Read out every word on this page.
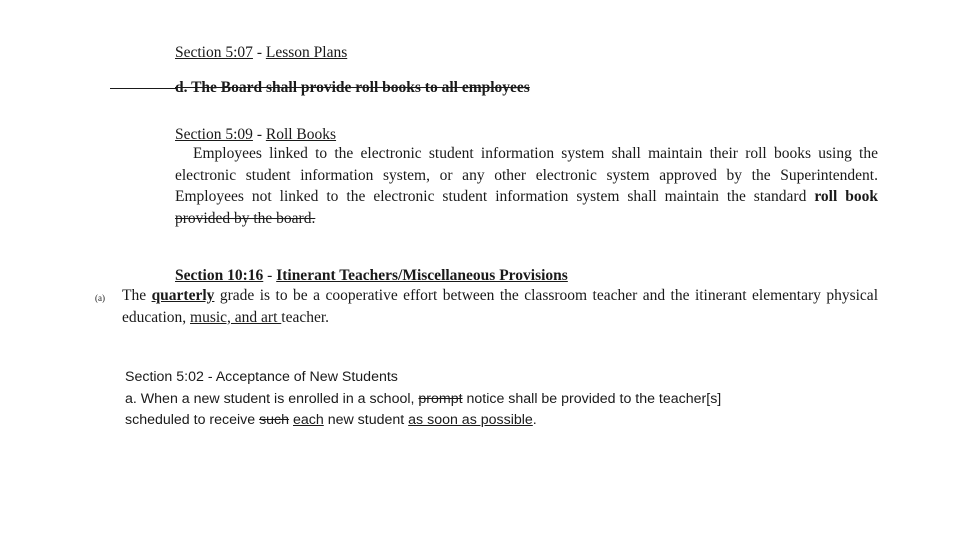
Section 5:07 - Lesson Plans
d. The Board shall provide roll books to all employees
Section 5:09 - Roll Books
Employees linked to the electronic student information system shall maintain their roll books using the electronic student information system, or any other electronic system approved by the Superintendent. Employees not linked to the electronic student information system shall maintain the standard roll book provided by the board.
Section 10:16 - Itinerant Teachers/Miscellaneous Provisions
(a) The quarterly grade is to be a cooperative effort between the classroom teacher and the itinerant elementary physical education, music, and art teacher.
Section 5:02 - Acceptance of New Students
a. When a new student is enrolled in a school, prompt notice shall be provided to the teacher[s]
scheduled to receive such each new student as soon as possible.
